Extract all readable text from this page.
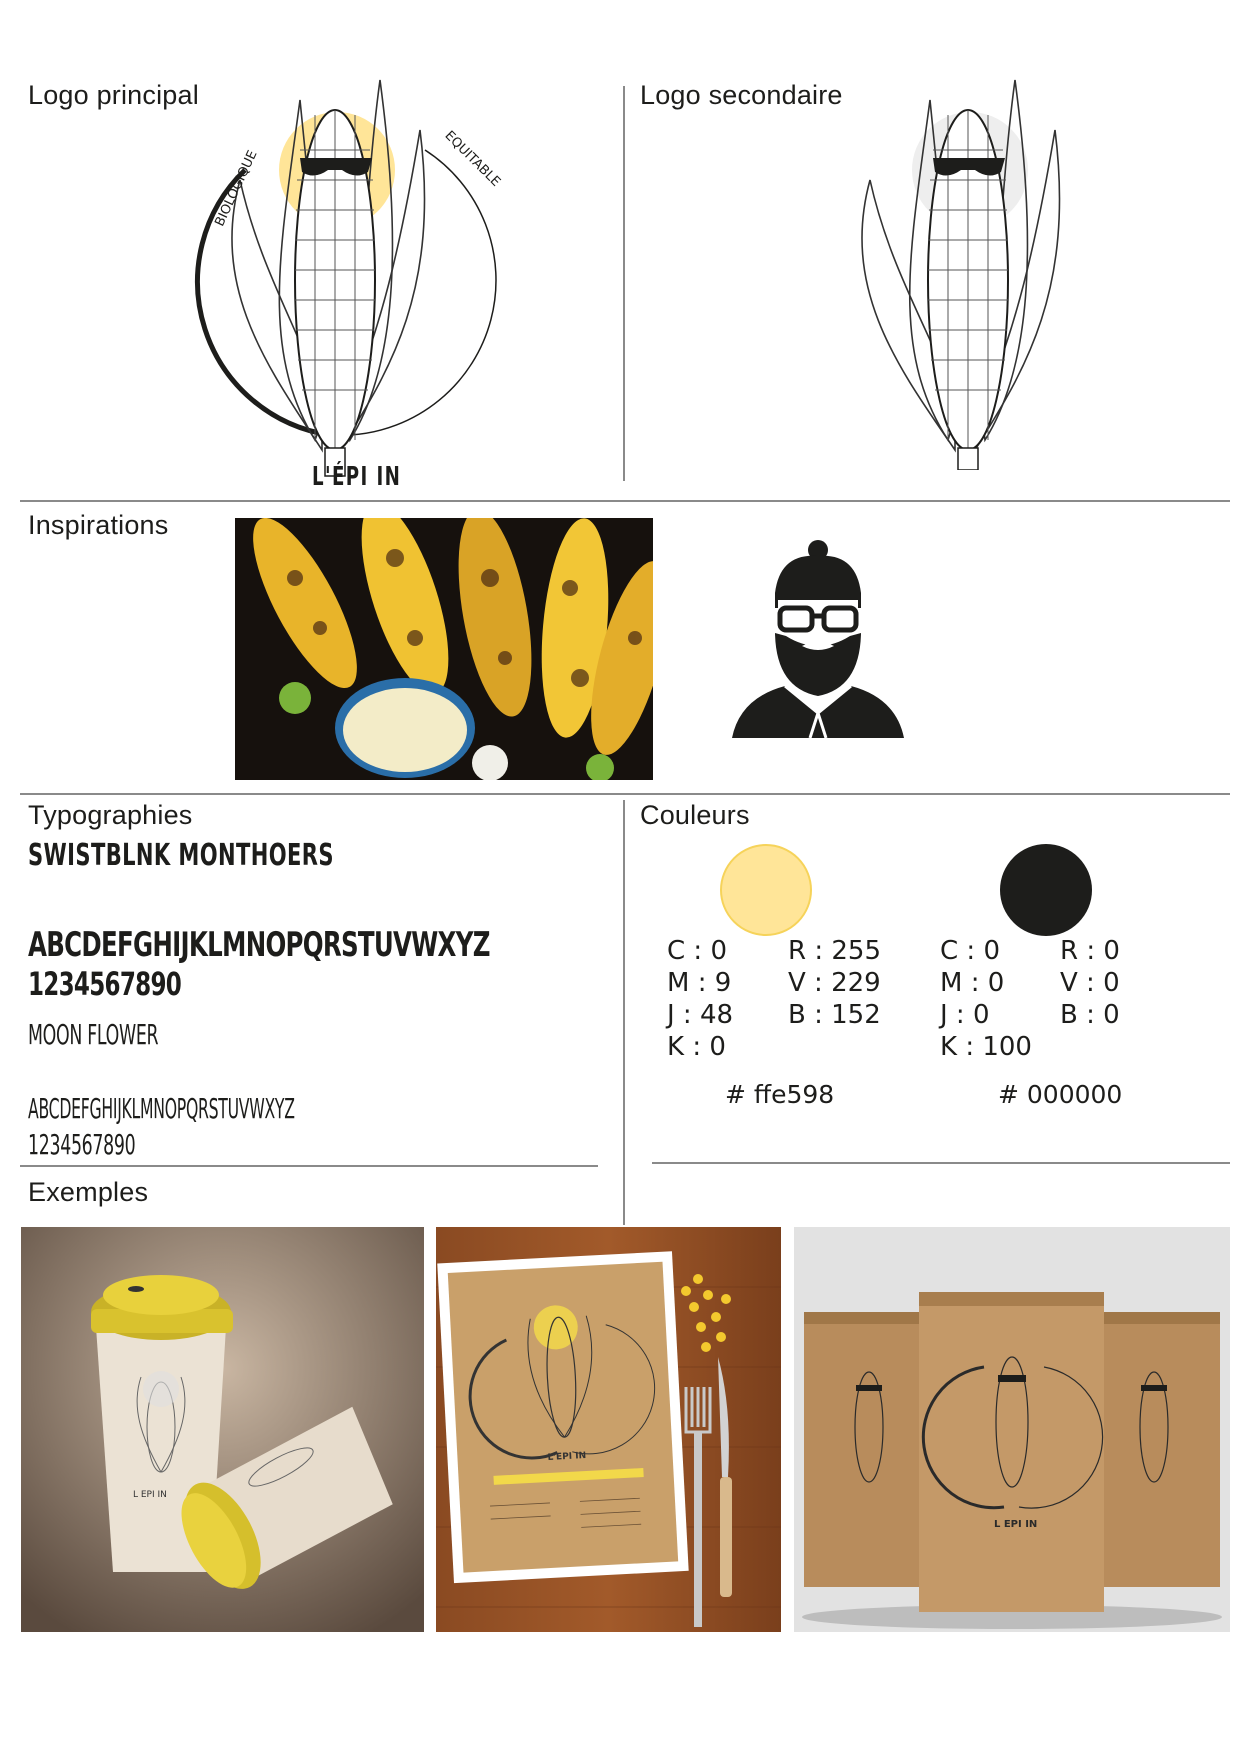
Logo principal
BIOLOGIQUE	EQUITABLE
L'ÉPI IN
Logo secondaire
Inspirations
Typographies
SWISTBLNK MONTHOERS
ABCDEFGHIJKLMNOPQRSTUVWXYZ
1234567890
MOON FLOWER
ABCDEFGHIJKLMNOPQRSTUVWXYZ
1234567890
Couleurs
C : 0
M : 9
J : 48
K : 0
R : 255
V : 229
B : 152
# ffe598
C : 0
M : 0
J : 0
K : 100
R : 0
V : 0
B : 0
# 000000
Exemples
L EPI IN
L'EPI IN
L EPI IN
